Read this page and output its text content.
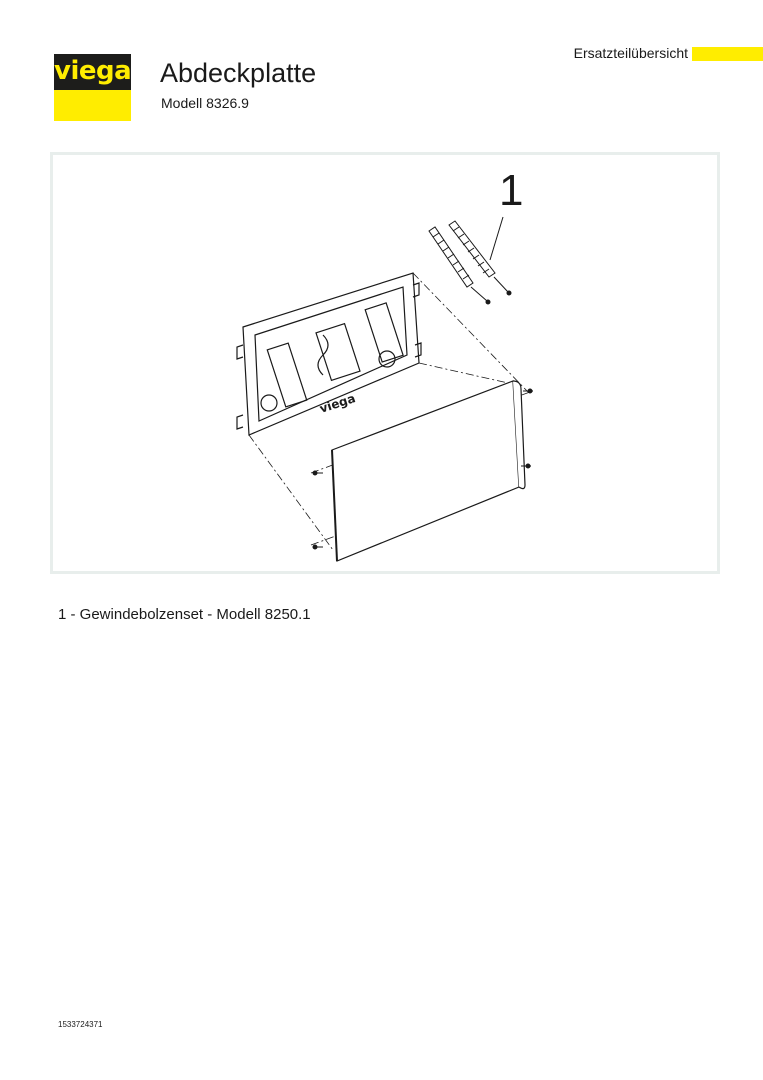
viega Abdeckplatte
Modell 8326.9
Ersatzteilübersicht
1
viega
1 - Gewindebolzenset - Modell 8250.1
1533724371
